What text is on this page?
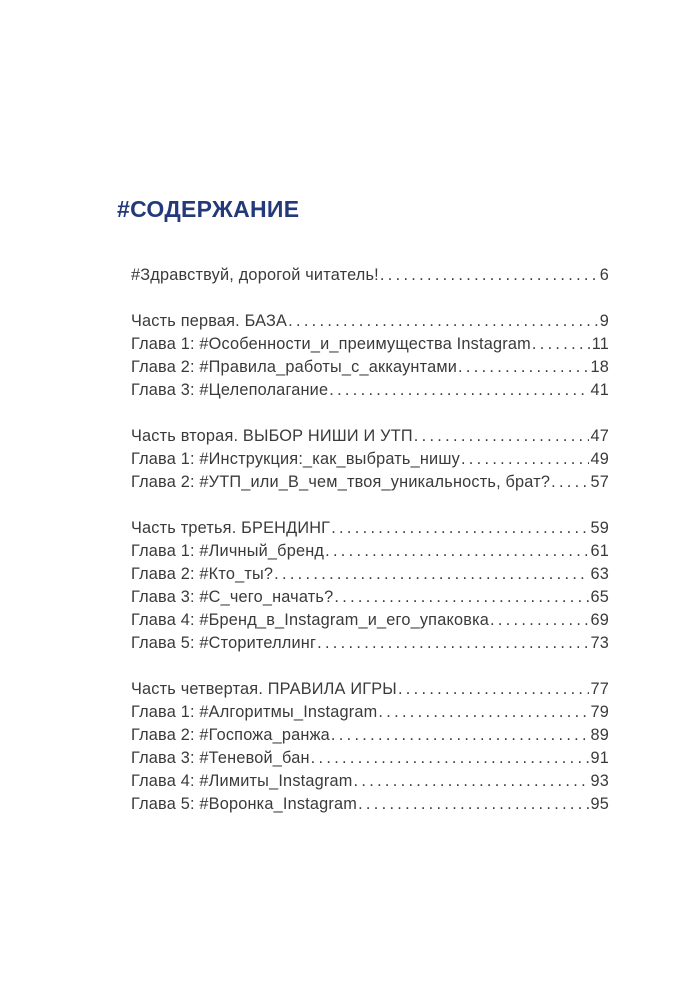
#СОДЕРЖАНИЕ
#Здравствуй, дорогой читатель! . . .	6
Часть первая. БАЗА . . .	9
Глава 1: #Особенности_и_преимущества Instagram . . .	11
Глава 2: #Правила_работы_с_аккаунтами . . .	18
Глава 3: #Целеполагание . . .	41
Часть вторая. ВЫБОР НИШИ И УТП . . .	47
Глава 1: #Инструкция:_как_выбрать_нишу . . .	49
Глава 2: #УТП_или_В_чем_твоя_уникальность, брат? . . . 57
Часть третья. БРЕНДИНГ . . .	59
Глава 1: #Личный_бренд . . .	61
Глава 2: #Кто_ты? . . .	63
Глава 3: #С_чего_начать? . . .	65
Глава 4: #Бренд_в_Instagram_и_его_упаковка . . .	69
Глава 5: #Сторителлинг . . .	73
Часть четвертая. ПРАВИЛА ИГРЫ . . .	77
Глава 1: #Алгоритмы_Instagram . . .	79
Глава 2: #Госпожа_ранжа . . .	89
Глава 3: #Теневой_бан . . .	91
Глава 4: #Лимиты_Instagram . . .	93
Глава 5: #Воронка_Instagram . . .	95
